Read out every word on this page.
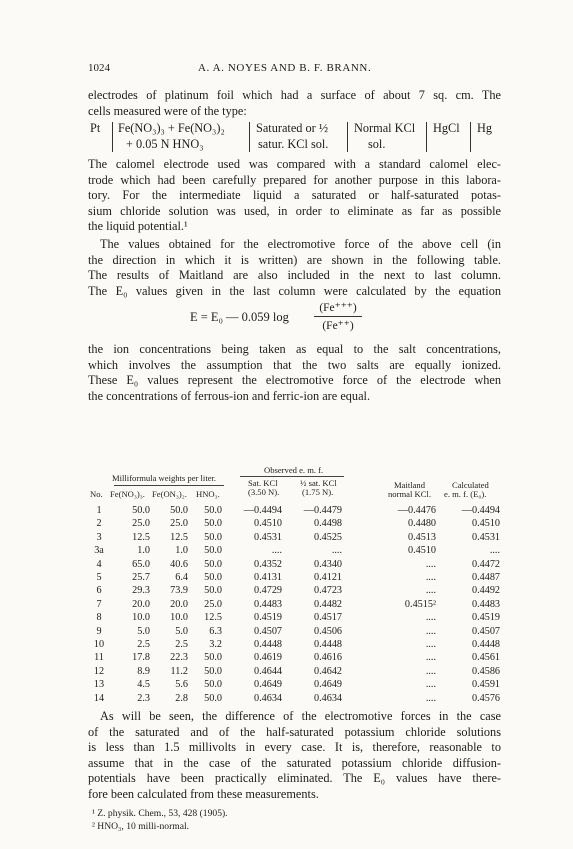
1024	A. A. NOYES AND B. F. BRANN.
electrodes of platinum foil which had a surface of about 7 sq. cm. The
cells measured were of the type:
Pt Fe(NO₃)₃ + Fe(NO₃)₂
+ 0.05 N HNO₃
Saturated or ½
satur. KCl sol.
Normal KCl
sol.
HgCl Hg
The calomel electrode used was compared with a standard calomel elec-
trode which had been carefully prepared for another purpose in this labora-
tory. For the intermediate liquid a saturated or half-saturated potas-
sium chloride solution was used, in order to eliminate as far as possible
the liquid potential.¹
The values obtained for the electromotive force of the above cell (in
the direction in which it is written) are shown in the following table.
The results of Maitland are also included in the next to last column.
The E₀ values given in the last column were calculated by the equation
E = E₀ — 0.059 log
(Fe⁺⁺⁺)
(Fe⁺⁺)
the ion concentrations being taken as equal to the salt concentrations,
which involves the assumption that the two salts are equally ionized.
These E₀ values represent the electromotive force of the electrode when
the concentrations of ferrous-ion and ferric-ion are equal.
Milliformula weights per liter.
Observed e. m. f.
No. Fe(NO₃)₃. Fe(ON₃)₂. HNO₃.
Sat. KCl
(3.50 N).
½ sat. KCl
(1.75 N).
Maitland
normal KCl.
Calculated
e. m. f. (E₀).
1	50.0	50.0	50.0	—0.4494	—0.4479	—0.4476	—0.4494
2	25.0	25.0	50.0	0.4510	0.4498	0.4480	0.4510
3	12.5	12.5	50.0	0.4531	0.4525	0.4513	0.4531
3a	1.0	1.0	50.0	....	....	0.4510	....
4	65.0	40.6	50.0	0.4352	0.4340	....	0.4472
5	25.7	6.4	50.0	0.4131	0.4121	....	0.4487
6	29.3	73.9	50.0	0.4729	0.4723	....	0.4492
7	20.0	20.0	25.0	0.4483	0.4482	0.4515²	0.4483
8	10.0	10.0	12.5	0.4519	0.4517	....	0.4519
9	5.0	5.0	6.3	0.4507	0.4506	....	0.4507
10	2.5	2.5	3.2	0.4448	0.4448	....	0.4448
11	17.8	22.3	50.0	0.4619	0.4616	....	0.4561
12	8.9	11.2	50.0	0.4644	0.4642	....	0.4586
13	4.5	5.6	50.0	0.4649	0.4649	....	0.4591
14	2.3	2.8	50.0	0.4634	0.4634	....	0.4576
As will be seen, the difference of the electromotive forces in the case
of the saturated and of the half-saturated potassium chloride solutions
is less than 1.5 millivolts in every case. It is, therefore, reasonable to
assume that in the case of the saturated potassium chloride diffusion-
potentials have been practically eliminated. The E₀ values have there-
fore been calculated from these measurements.
¹ Z. physik. Chem., 53, 428 (1905).
² HNO₃, 10 milli-normal.
